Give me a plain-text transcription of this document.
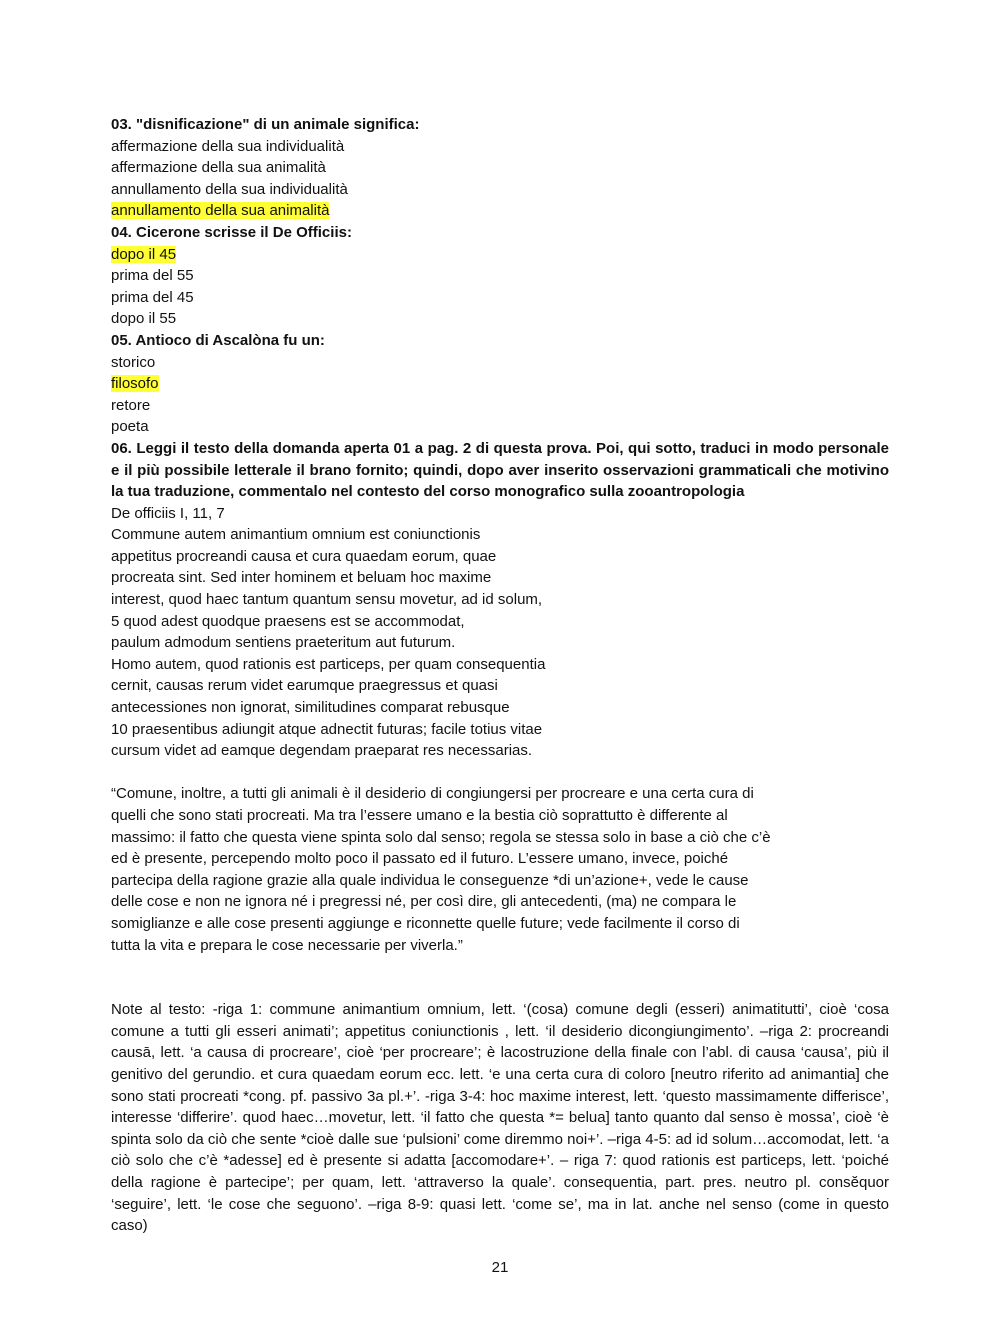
03. "disnificazione" di un animale significa:
affermazione della sua individualità
affermazione della sua animalità
annullamento della sua individualità
annullamento della sua animalità
04. Cicerone scrisse il De Officiis:
dopo il 45
prima del 55
prima del 45
dopo il 55
05. Antioco di Ascalòna fu un:
storico
filosofo
retore
poeta
06. Leggi il testo della domanda aperta 01 a pag. 2 di questa prova. Poi, qui sotto, traduci in modo personale e il più possibile letterale il brano fornito; quindi, dopo aver inserito osservazioni grammaticali che motivino la tua traduzione, commentalo nel contesto del corso monografico sulla zooantropologia
De officiis I, 11, 7
Commune autem animantium omnium est coniunctionis
appetitus procreandi causa et cura quaedam eorum, quae
procreata sint. Sed inter hominem et beluam hoc maxime
interest, quod haec tantum quantum sensu movetur, ad id solum,
5 quod adest quodque praesens est se accommodat,
paulum admodum sentiens praeteritum aut futurum.
Homo autem, quod rationis est particeps, per quam consequentia
cernit, causas rerum videt earumque praegressus et quasi
antecessiones non ignorat, similitudines comparat rebusque
10 praesentibus adiungit atque adnectit futuras; facile totius vitae
cursum videt ad eamque degendam praeparat res necessarias.
“Comune, inoltre, a tutti gli animali è il desiderio di congiungersi per procreare e una certa cura di
quelli che sono stati procreati. Ma tra l’essere umano e la bestia ciò soprattutto è differente al
massimo: il fatto che questa viene spinta solo dal senso; regola se stessa solo in base a ciò che c’è
ed è presente, percependo molto poco il passato ed il futuro. L’essere umano, invece, poiché
partecipa della ragione grazie alla quale individua le conseguenze *di un’azione+, vede le cause
delle cose e non ne ignora né i pregressi né, per così dire, gli antecedenti, (ma) ne compara le
somiglianze e alle cose presenti aggiunge e riconnette quelle future; vede facilmente il corso di
tutta la vita e prepara le cose necessarie per viverla.”

Note al testo: -riga 1: commune animantium omnium, lett. ‘(cosa) comune degli (esseri) animatitutti’, cioè ‘cosa comune a tutti gli esseri animati’; appetitus coniunctionis , lett. ‘il desiderio dicongiungimento’. –riga 2: procreandi causā, lett. ‘a causa di procreare’, cioè ‘per procreare’; è lacostruzione della finale con l’abl. di causa ‘causa’, più il genitivo del gerundio. et cura quaedam eorum ecc. lett. ‘e una certa cura di coloro [neutro riferito ad animantia] che sono stati procreati *cong. pf. passivo 3a pl.+’. -riga 3-4: hoc maxime interest, lett. ‘questo massimamente differisce’, interesse ‘differire’. quod haec…movetur, lett. ‘il fatto che questa *= belua] tanto quanto dal senso è mossa’, cioè ‘è spinta solo da ciò che sente *cioè dalle sue ‘pulsioni’ come diremmo noi+’. –riga 4-5: ad id solum…accomodat, lett. ‘a ciò solo che c’è *adesse] ed è presente si adatta [accomodare+’. – riga 7: quod rationis est particeps, lett. ‘poiché della ragione è partecipe’; per quam, lett. ‘attraverso la quale’. consequentia, part. pres. neutro pl. consĕquor ‘seguire’, lett. ‘le cose che seguono’. –riga 8-9: quasi lett. ‘come se’, ma in lat. anche nel senso (come in questo caso)

21
